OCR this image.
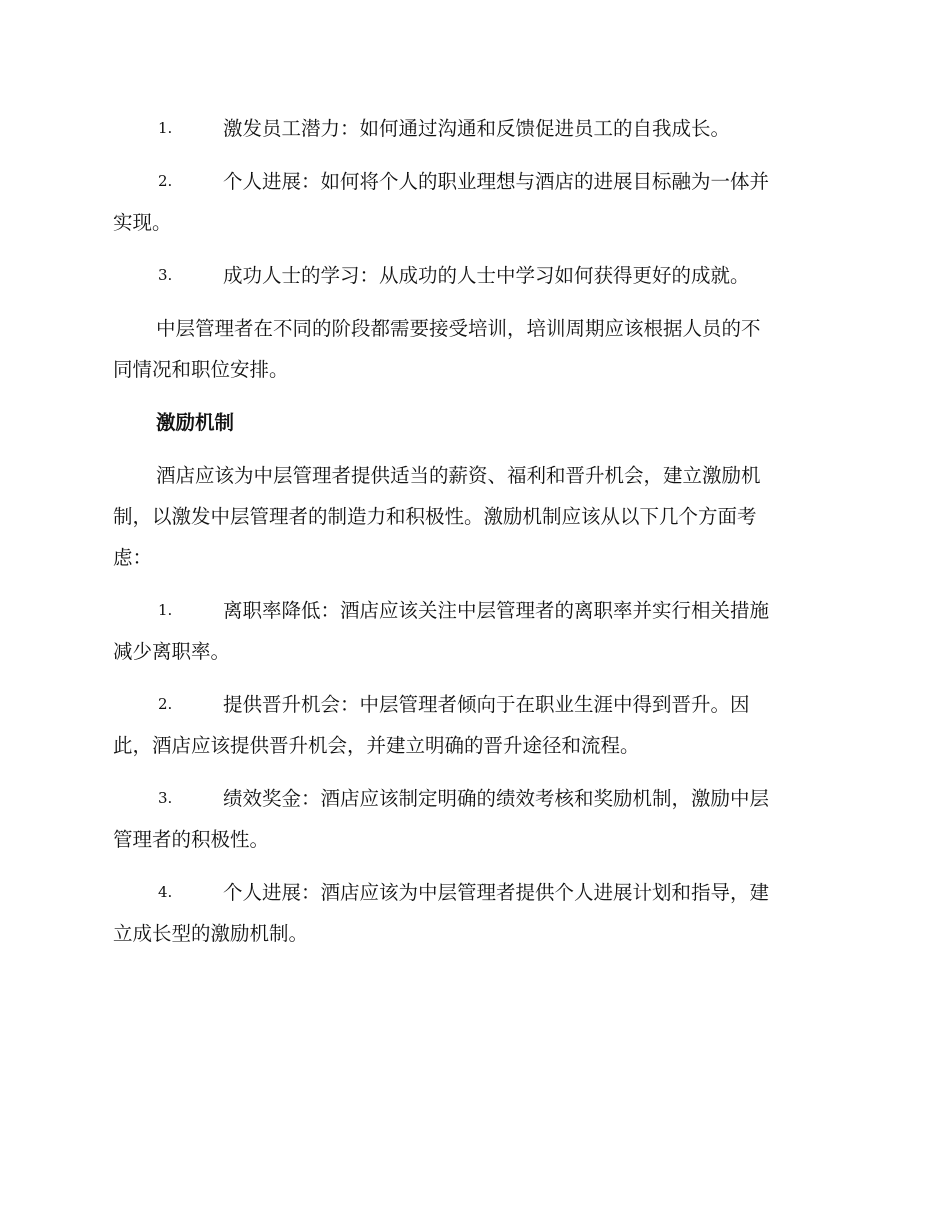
1.	激发员工潜力：如何通过沟通和反馈促进员工的自我成长。
2.	个人进展：如何将个人的职业理想与酒店的进展目标融为一体并
实现。
3.	成功人士的学习：从成功的人士中学习如何获得更好的成就。
中层管理者在不同的阶段都需要接受培训，培训周期应该根据人员的不
同情况和职位安排。
激励机制
酒店应该为中层管理者提供适当的薪资、福利和晋升机会，建立激励机
制，以激发中层管理者的制造力和积极性。激励机制应该从以下几个方面考
虑：
1.	离职率降低：酒店应该关注中层管理者的离职率并实行相关措施
减少离职率。
2.	提供晋升机会：中层管理者倾向于在职业生涯中得到晋升。因
此，酒店应该提供晋升机会，并建立明确的晋升途径和流程。
3.	绩效奖金：酒店应该制定明确的绩效考核和奖励机制，激励中层
管理者的积极性。
4.	个人进展：酒店应该为中层管理者提供个人进展计划和指导，建
立成长型的激励机制。
